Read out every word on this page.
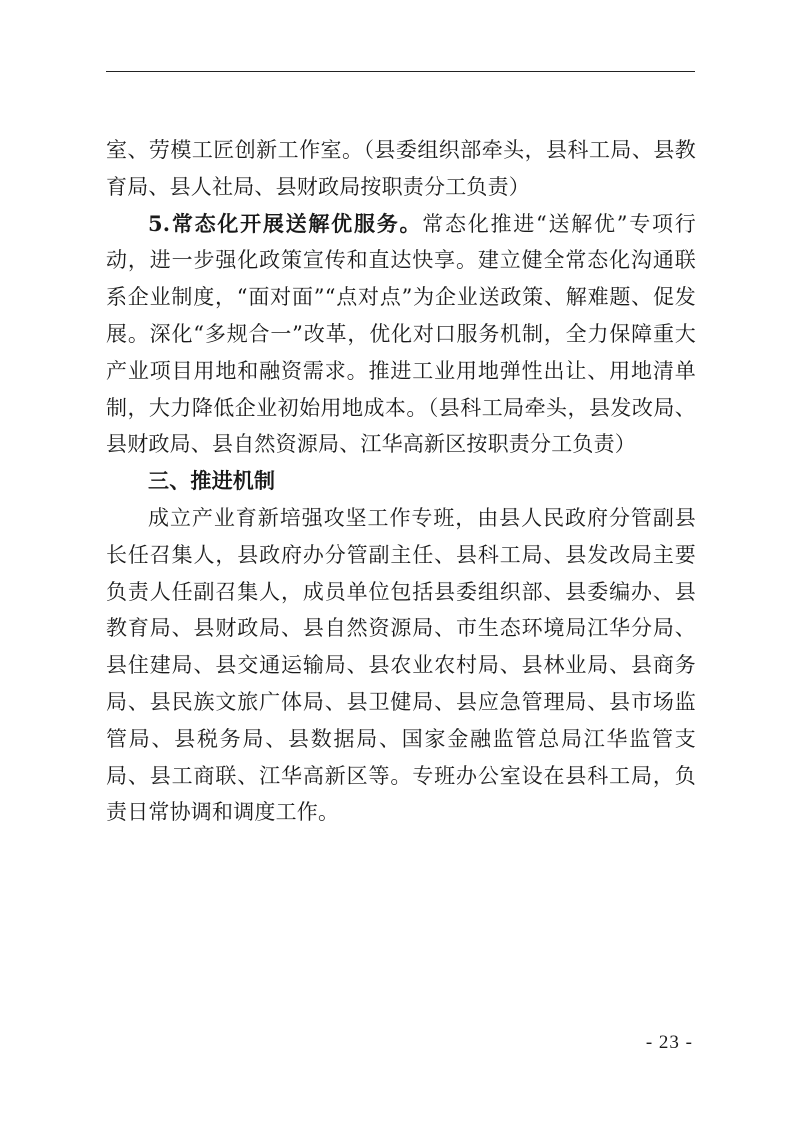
室、劳模工匠创新工作室。（县委组织部牵头，县科工局、县教育局、县人社局、县财政局按职责分工负责）

5.常态化开展送解优服务。常态化推进“送解优”专项行动，进一步强化政策宣传和直达快享。建立健全常态化沟通联系企业制度，“面对面”“点对点”为企业送政策、解难题、促发展。深化“多规合一”改革，优化对口服务机制，全力保障重大产业项目用地和融资需求。推进工业用地弹性出让、用地清单制，大力降低企业初始用地成本。（县科工局牵头，县发改局、县财政局、县自然资源局、江华高新区按职责分工负责）

三、推进机制

成立产业育新培强攻坚工作专班，由县人民政府分管副县长任召集人，县政府办分管副主任、县科工局、县发改局主要负责人任副召集人，成员单位包括县委组织部、县委编办、县教育局、县财政局、县自然资源局、市生态环境局江华分局、县住建局、县交通运输局、县农业农村局、县林业局、县商务局、县民族文旅广体局、县卫健局、县应急管理局、县市场监管局、县税务局、县数据局、国家金融监管总局江华监管支局、县工商联、江华高新区等。专班办公室设在县科工局，负责日常协调和调度工作。

- 23 -
